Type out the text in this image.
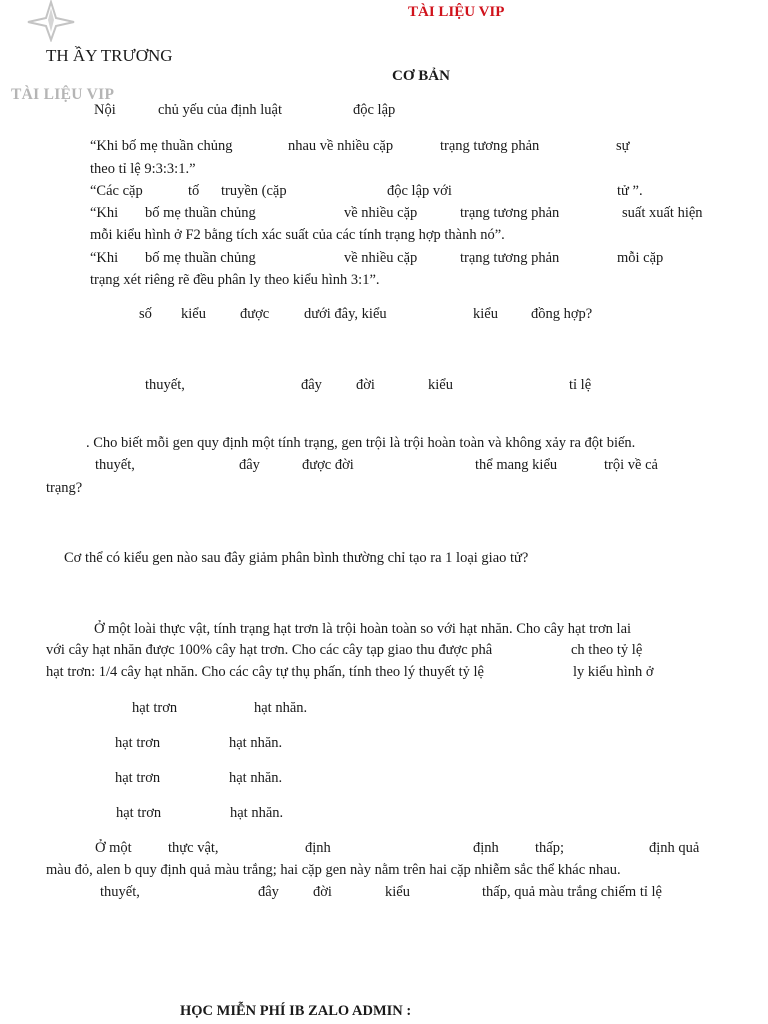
TÀI LIỆU VIP
TH ẦY TRƯƠNG
TÀI LIỆU VIP
CƠ BẢN
Nội	chủ yếu của định luật	độc lập
“Khi bố mẹ thuần chủng	nhau về nhiều cặp	trạng tương phản	sự
theo tỉ lệ 9:3:3:1.”
“Các cặp	tố truyền (cặp	độc lập với	tử ”.
“Khi bố mẹ thuần chủng	về nhiều cặp	trạng tương phản	suất xuất hiện
mỗi kiểu hình ở F2 bằng tích xác suất của các tính trạng hợp thành nó”.
“Khi bố mẹ thuần chủng	về nhiều cặp	trạng tương phản	mỗi cặp
trạng xét riêng rẽ đều phân ly theo kiểu hình 3:1”.
số kiểu được dưới đây, kiểu	kiểu đồng hợp?
thuyết,	đây đời	kiểu	tỉ lệ
. Cho biết mỗi gen quy định một tính trạng, gen trội là trội hoàn toàn và không xảy ra đột biến.
thuyết,	đây	được đời	thể mang kiểu	trội về cả
trạng?
Cơ thể có kiểu gen nào sau đây giảm phân bình thường chỉ tạo ra 1 loại giao tử?
Ở một loài thực vật, tính trạng hạt trơn là trội hoàn toàn so với hạt nhăn. Cho cây hạt trơn lai
với cây hạt nhăn được 100% cây hạt trơn. Cho các cây tạp giao thu được phâ	ch theo tỷ lệ
hạt trơn: 1/4 cây hạt nhăn. Cho các cây tự thụ phấn, tính theo lý thuyết tỷ lệ	ly kiểu hình ở
hạt trơn	hạt nhăn.
hạt trơn	hạt nhăn.
hạt trơn	hạt nhăn.
hạt trơn	hạt nhăn.
Ở một	thực vật,	định	định thấp;	định quả
màu đỏ, alen b quy định quả màu trắng; hai cặp gen này nằm trên hai cặp nhiễm sắc thể khác nhau.
thuyết,	đây đời	kiểu	thấp, quả màu trắng chiếm tỉ lệ
HỌC MIỄN PHÍ IB ZALO ADMIN :
